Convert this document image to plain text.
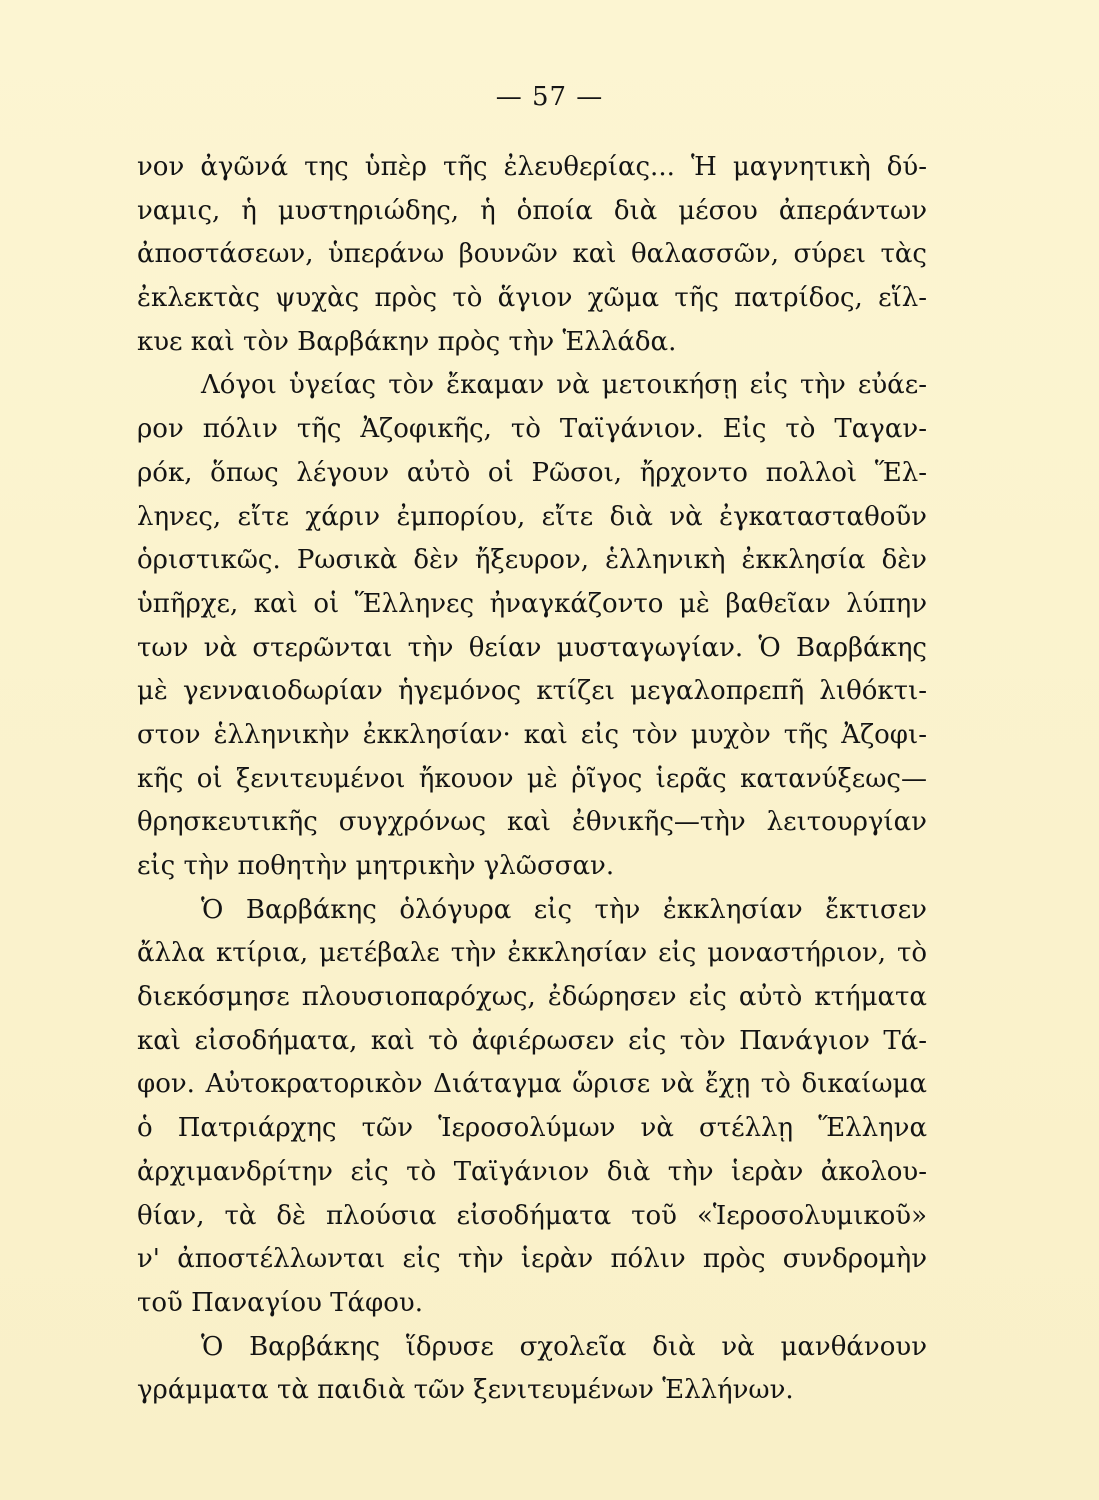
— 57 —
νον ἀγῶνά της ὑπὲρ τῆς ἐλευθερίας... Ἡ μαγνητικὴ δύ-
ναμις, ἡ μυστηριώδης, ἡ ὁποία διὰ μέσου ἀπεράντων
ἀποστάσεων, ὑπεράνω βουνῶν καὶ θαλασσῶν, σύρει τὰς
ἐκλεκτὰς ψυχὰς πρὸς τὸ ἅγιον χῶμα τῆς πατρίδος, εἵλ-
κυε καὶ τὸν Βαρβάκην πρὸς τὴν Ἑλλάδα.
Λόγοι ὑγείας τὸν ἔκαμαν νὰ μετοικήσῃ εἰς τὴν εὐάε-
ρον πόλιν τῆς Ἀζοφικῆς, τὸ Ταϊγάνιον. Εἰς τὸ Ταγαν-
ρόκ, ὅπως λέγουν αὐτὸ οἱ Ρῶσοι, ἤρχοντο πολλοὶ Ἕλ-
ληνες, εἴτε χάριν ἐμπορίου, εἴτε διὰ νὰ ἐγκατασταθοῦν
ὁριστικῶς. Ρωσικὰ δὲν ἤξευρον, ἑλληνικὴ ἐκκλησία δὲν
ὑπῆρχε, καὶ οἱ Ἕλληνες ἠναγκάζοντο μὲ βαθεῖαν λύπην
των νὰ στερῶνται τὴν θείαν μυσταγωγίαν. Ὁ Βαρβάκης
μὲ γενναιοδωρίαν ἡγεμόνος κτίζει μεγαλοπρεπῆ λιθόκτι-
στον ἑλληνικὴν ἐκκλησίαν· καὶ εἰς τὸν μυχὸν τῆς Ἀζοφι-
κῆς οἱ ξενιτευμένοι ἤκουον μὲ ῥῖγος ἱερᾶς κατανύξεως—
θρησκευτικῆς συγχρόνως καὶ ἐθνικῆς—τὴν λειτουργίαν
εἰς τὴν ποθητὴν μητρικὴν γλῶσσαν.
Ὁ Βαρβάκης ὁλόγυρα εἰς τὴν ἐκκλησίαν ἔκτισεν
ἄλλα κτίρια, μετέβαλε τὴν ἐκκλησίαν εἰς μοναστήριον, τὸ
διεκόσμησε πλουσιοπαρόχως, ἐδώρησεν εἰς αὐτὸ κτήματα
καὶ εἰσοδήματα, καὶ τὸ ἀφιέρωσεν εἰς τὸν Πανάγιον Τά-
φον. Αὐτοκρατορικὸν Διάταγμα ὥρισε νὰ ἔχῃ τὸ δικαίωμα
ὁ Πατριάρχης τῶν Ἱεροσολύμων νὰ στέλλῃ Ἕλληνα
ἀρχιμανδρίτην εἰς τὸ Ταϊγάνιον διὰ τὴν ἱερὰν ἀκολου-
θίαν, τὰ δὲ πλούσια εἰσοδήματα τοῦ «Ἱεροσολυμικοῦ»
ν' ἀποστέλλωνται εἰς τὴν ἱερὰν πόλιν πρὸς συνδρομὴν
τοῦ Παναγίου Τάφου.
Ὁ Βαρβάκης ἵδρυσε σχολεῖα διὰ νὰ μανθάνουν
γράμματα τὰ παιδιὰ τῶν ξενιτευμένων Ἑλλήνων.
